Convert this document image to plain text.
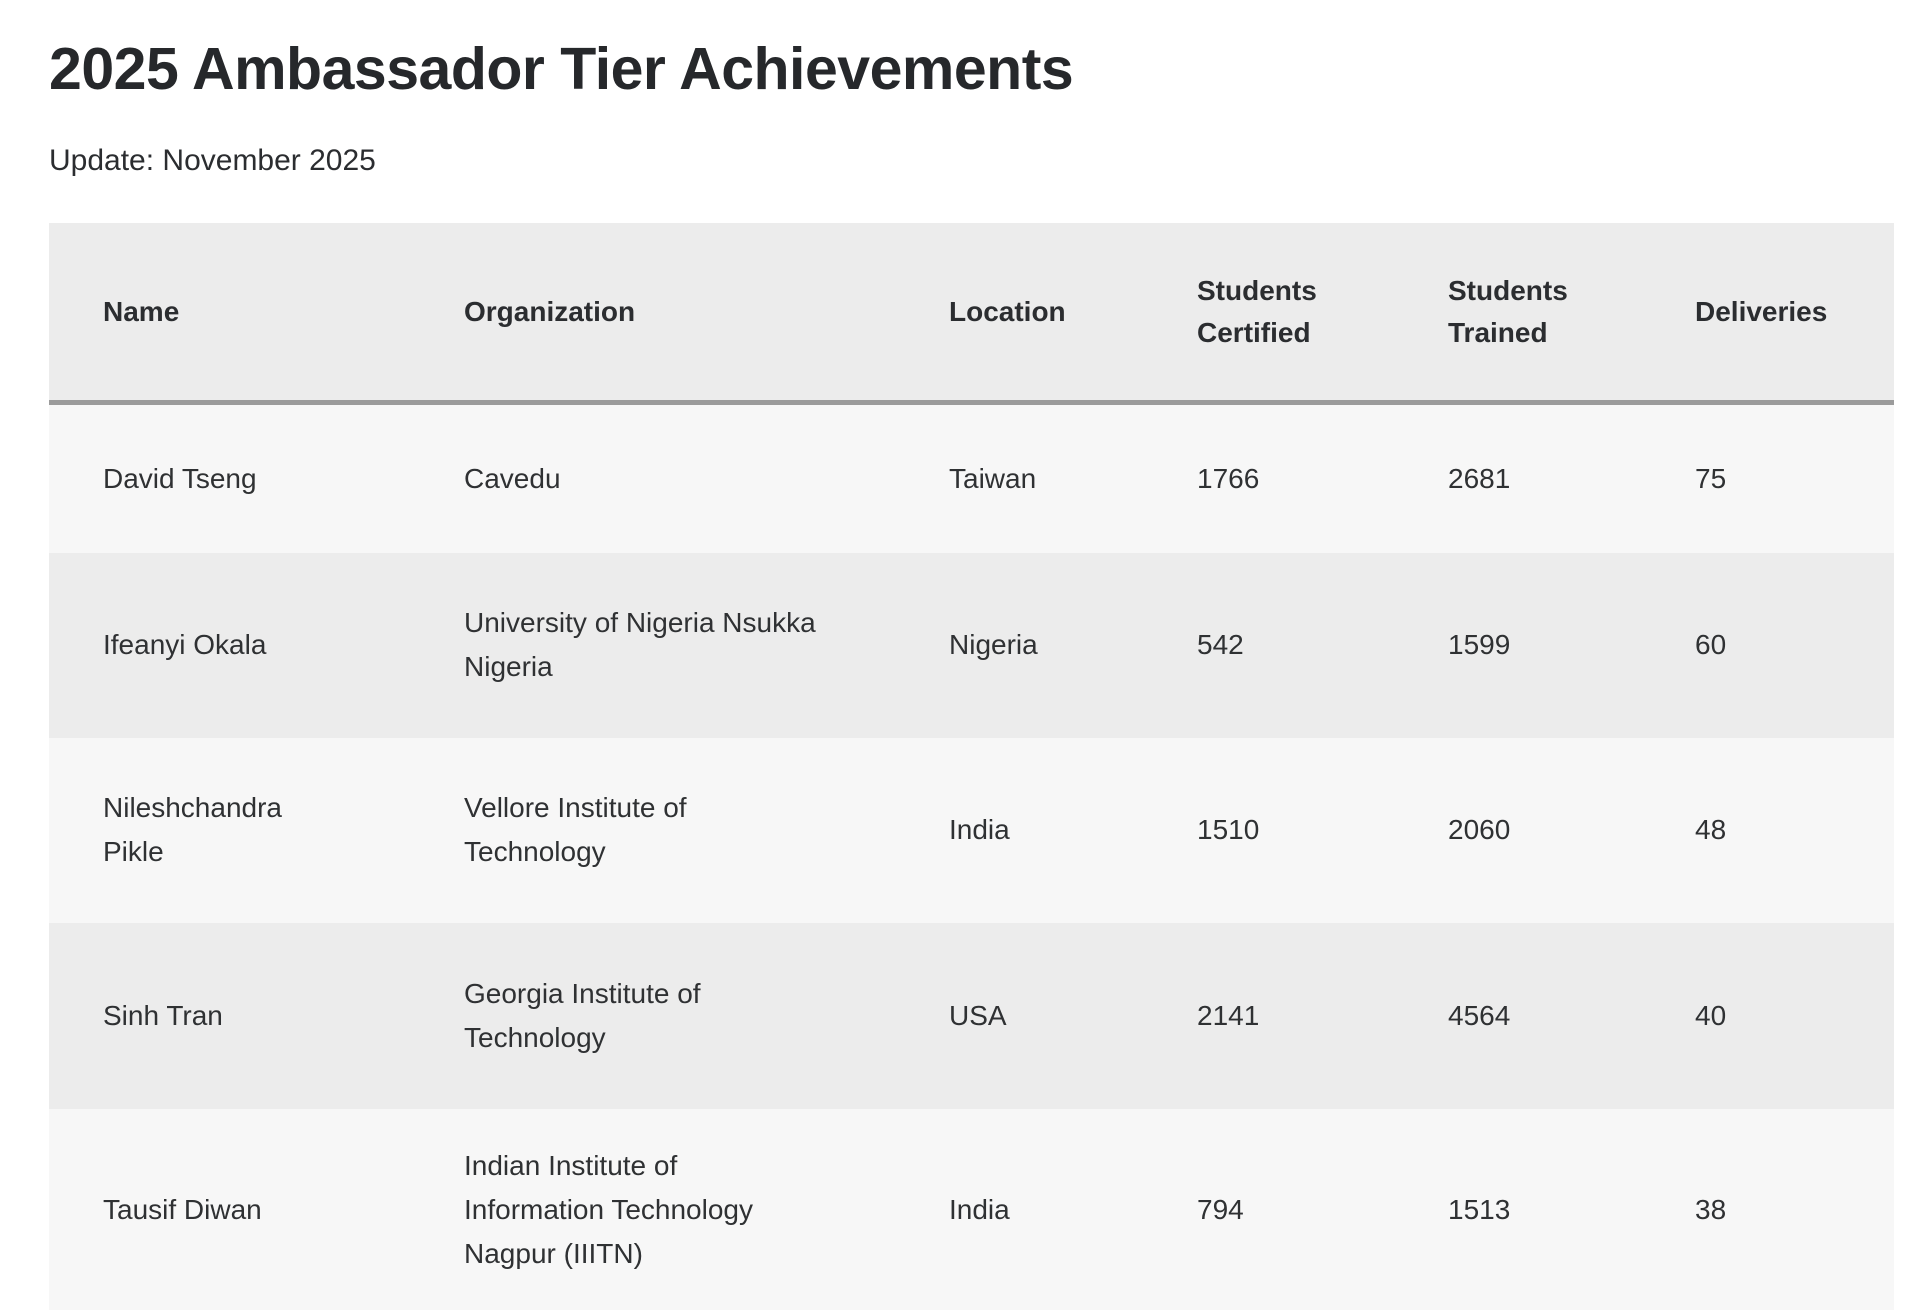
2025 Ambassador Tier Achievements

Update: November 2025

Name	Organization	Location	Students Certified	Students Trained	Deliveries
David Tseng	Cavedu	Taiwan	1766	2681	75
Ifeanyi Okala	University of Nigeria Nsukka Nigeria	Nigeria	542	1599	60
Nileshchandra Pikle	Vellore Institute of Technology	India	1510	2060	48
Sinh Tran	Georgia Institute of Technology	USA	2141	4564	40
Tausif Diwan	Indian Institute of Information Technology Nagpur (IIITN)	India	794	1513	38
